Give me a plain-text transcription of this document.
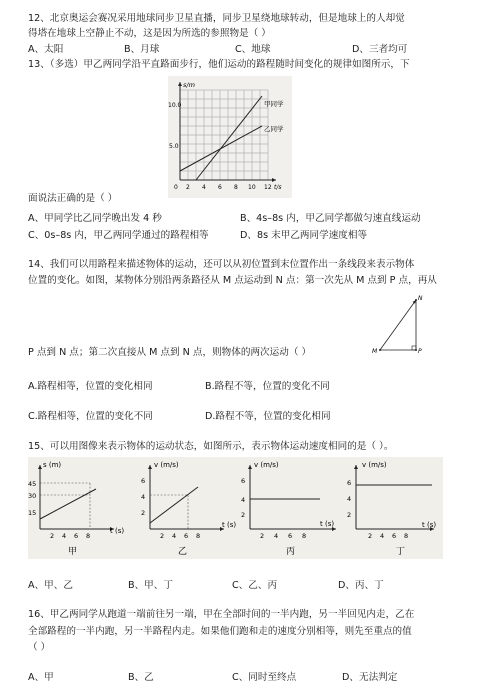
12、北京奥运会赛况采用地球同步卫星直播，同步卫星绕地球转动，但是地球上的人却觉
得塔在地球上空静止不动，这是因为所选的参照物是（ ）
A、太阳	B、月球	C、地球	D、三者均可
13、（多选）甲乙两同学沿平直路面步行，他们运动的路程随时间变化的规律如图所示，下
s/m
10.0
5.0
0 2 4 6 8 10 12 t/s
甲同学
乙同学
面说法正确的是（ ）
A、甲同学比乙同学晚出发 4 秒	B、4s–8s 内，甲乙同学都做匀速直线运动
C、0s–8s 内，甲乙两同学通过的路程相等	D、8s 末甲乙两同学速度相等
14、我们可以用路程来描述物体的运动，还可以从初位置到末位置作出一条线段来表示物体
位置的变化。如图，某物体分别沿两条路径从 M 点运动到 N 点：第一次先从 M 点到 P 点，再从
N
M	P
P 点到 N 点；第二次直接从 M 点到 N 点，则物体的两次运动（ ）
A.路程相等，位置的变化相同	B.路程不等，位置的变化不同
C.路程相等，位置的变化不同	D.路程不等，位置的变化相同
15、可以用图像来表示物体的运动状态，如图所示，表示物体运动速度相同的是（ ）。
s (m)
45
30
15
2 4 6 8
t (s)
甲
v (m/s)
6
4
2
2 4 6 8
t (s)
乙
v (m/s)
6
4
2
2 4 6 8
t (s)
丙
v (m/s)
6
4
2
2 4 6 8
t (s)
丁
A、甲、乙	B、甲、丁	C、乙、丙	D、丙、丁
16、甲乙两同学从跑道一端前往另一端，甲在全部时间的一半内跑，另一半回见内走，乙在
全部路程的一半内跑，另一半路程内走。如果他们跑和走的速度分别相等，则先至重点的值
（ ）
A、甲	B、乙	C、同时至终点	D、无法判定
